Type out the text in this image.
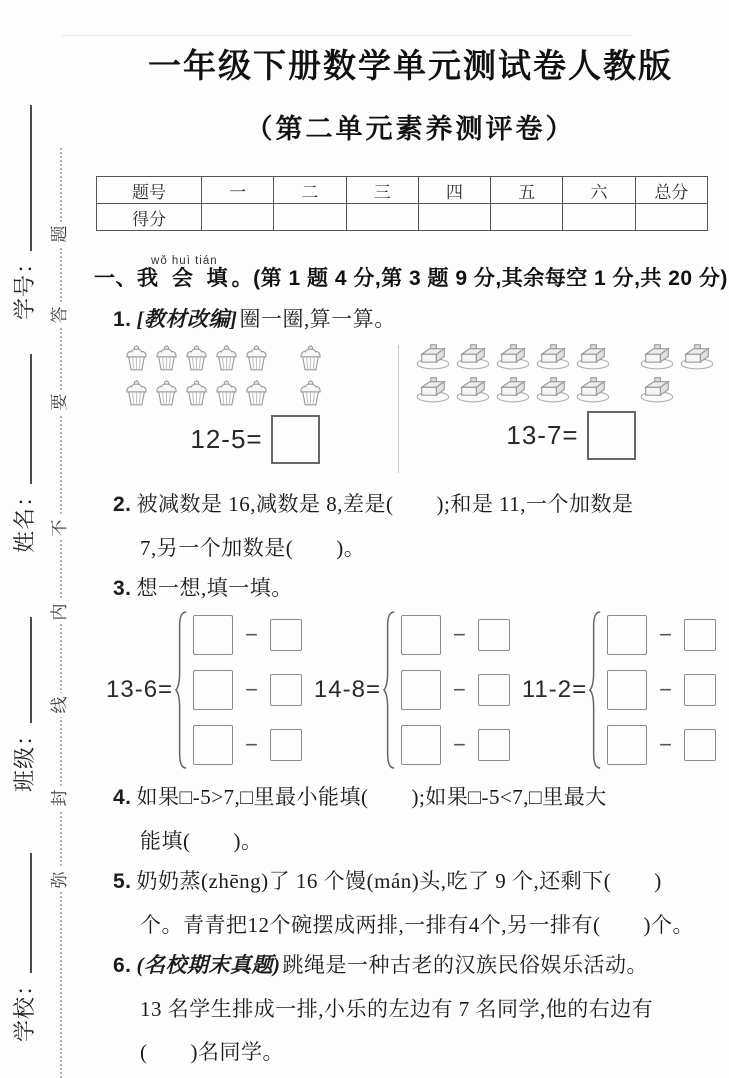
题
答
要
不
内
线
封
弥
学号：
姓名：
班级：
学校：
一年级下册数学单元测试卷人教版
（第二单元素养测评卷）
题号	一	二	三	四	五	六	总分
得分							
一、我 会 填wǒ huì tián。(第 1 题 4 分,第 3 题 9 分,其余每空 1 分,共 20 分)
1. [教材改编]圈一圈,算一算。
12-5=	13-7=
2. 被减数是 16,减数是 8,差是(　　);和是 11,一个加数是
7,另一个加数是(　　)。
3. 想一想,填一填。
13-6=
−
−
−
14-8=
−
−
−
11-2=
−
−
−
4. 如果□-5>7,□里最小能填(　　);如果□-5<7,□里最大
能填(　　)。
5. 奶奶蒸(zhēng)了 16 个馒(mán)头,吃了 9 个,还剩下(　　)
个。青青把12个碗摆成两排,一排有4个,另一排有(　　)个。
6. (名校期末真题)跳绳是一种古老的汉族民俗娱乐活动。
13 名学生排成一排,小乐的左边有 7 名同学,他的右边有
(　　)名同学。
